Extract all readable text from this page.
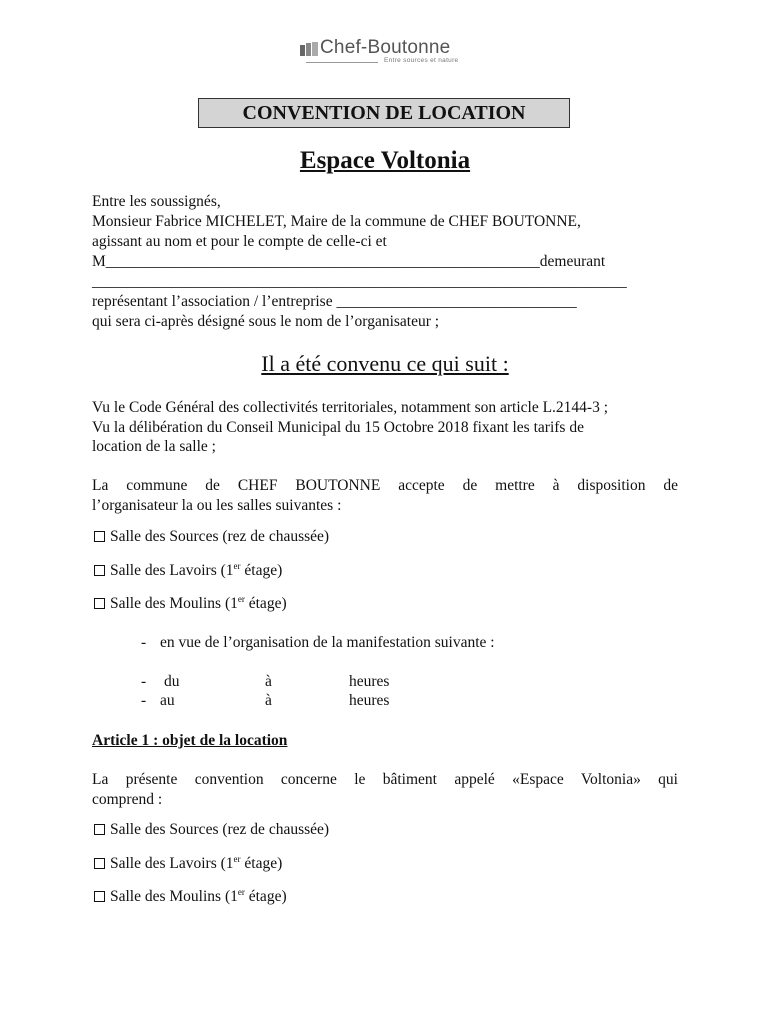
Chef-Boutonne
Entre sources et nature
CONVENTION DE LOCATION
Espace Voltonia
Entre les soussignés,
Monsieur Fabrice MICHELET, Maire de la commune de CHEF BOUTONNE,
agissant au nom et pour le compte de celle-ci et
M________________________________________________________demeurant
_____________________________________________________________________
représentant l’association / l’entreprise _______________________________
qui sera ci-après désigné sous le nom de l’organisateur ;
Il a été convenu ce qui suit :
Vu le Code Général des collectivités territoriales, notamment son article L.2144-3 ;
Vu la délibération du Conseil Municipal du 15 Octobre 2018 fixant les tarifs de
location de la salle ;
La commune de CHEF BOUTONNE accepte de mettre à disposition de
l’organisateur la ou les salles suivantes :
Salle des Sources (rez de chaussée)
Salle des Lavoirs (1er étage)
Salle des Moulins (1er étage)
- en vue de l’organisation de la manifestation suivante :
- du	à	heures
- au	à	heures
Article 1 : objet de la location
La présente convention concerne le bâtiment appelé «Espace Voltonia» qui
comprend :
Salle des Sources (rez de chaussée)
Salle des Lavoirs (1er étage)
Salle des Moulins (1er étage)
